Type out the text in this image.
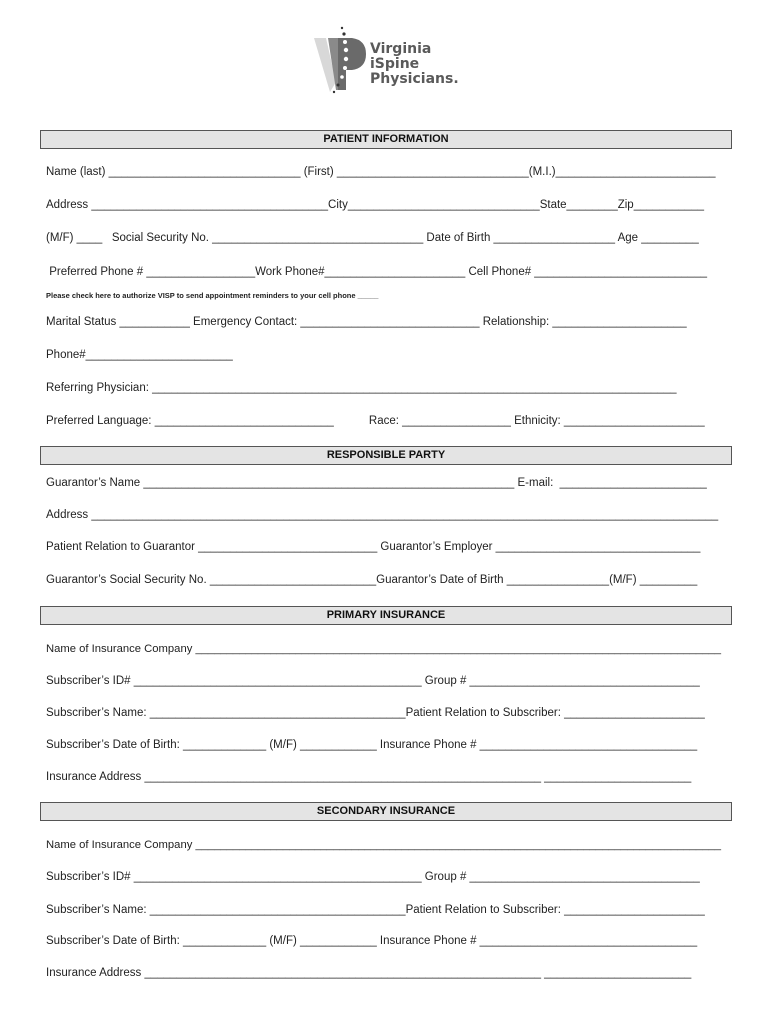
Virginia
iSpine
Physicians.
PATIENT INFORMATION
Name (last) ______________________________ (First) ______________________________(M.I.)_________________________
Address _____________________________________City______________________________State________Zip___________
(M/F) ____   Social Security No. _________________________________ Date of Birth ___________________ Age _________
Preferred Phone # _________________Work Phone#______________________ Cell Phone# ___________________________
Please check here to authorize VISP to send appointment reminders to your cell phone _____
Marital Status ___________ Emergency Contact: ____________________________ Relationship: _____________________
Phone#_______________________
Referring Physician: __________________________________________________________________________________
Preferred Language: ____________________________           Race: _________________ Ethnicity: ______________________
RESPONSIBLE PARTY
Guarantor’s Name __________________________________________________________ E-mail:  _______________________
Address __________________________________________________________________________________________________
Patient Relation to Guarantor ____________________________ Guarantor’s Employer ________________________________
Guarantor’s Social Security No. __________________________Guarantor’s Date of Birth ________________(M/F) _________
PRIMARY INSURANCE
Name of Insurance Company ____________________________________________________________________________________
Subscriber’s ID# _____________________________________________ Group # ____________________________________
Subscriber’s Name: ________________________________________Patient Relation to Subscriber: ______________________
Subscriber’s Date of Birth: _____________ (M/F) ____________ Insurance Phone # __________________________________
Insurance Address ______________________________________________________________ _______________________
SECONDARY INSURANCE
Name of Insurance Company ____________________________________________________________________________________
Subscriber’s ID# _____________________________________________ Group # ____________________________________
Subscriber’s Name: ________________________________________Patient Relation to Subscriber: ______________________
Subscriber’s Date of Birth: _____________ (M/F) ____________ Insurance Phone # __________________________________
Insurance Address ______________________________________________________________ _______________________
